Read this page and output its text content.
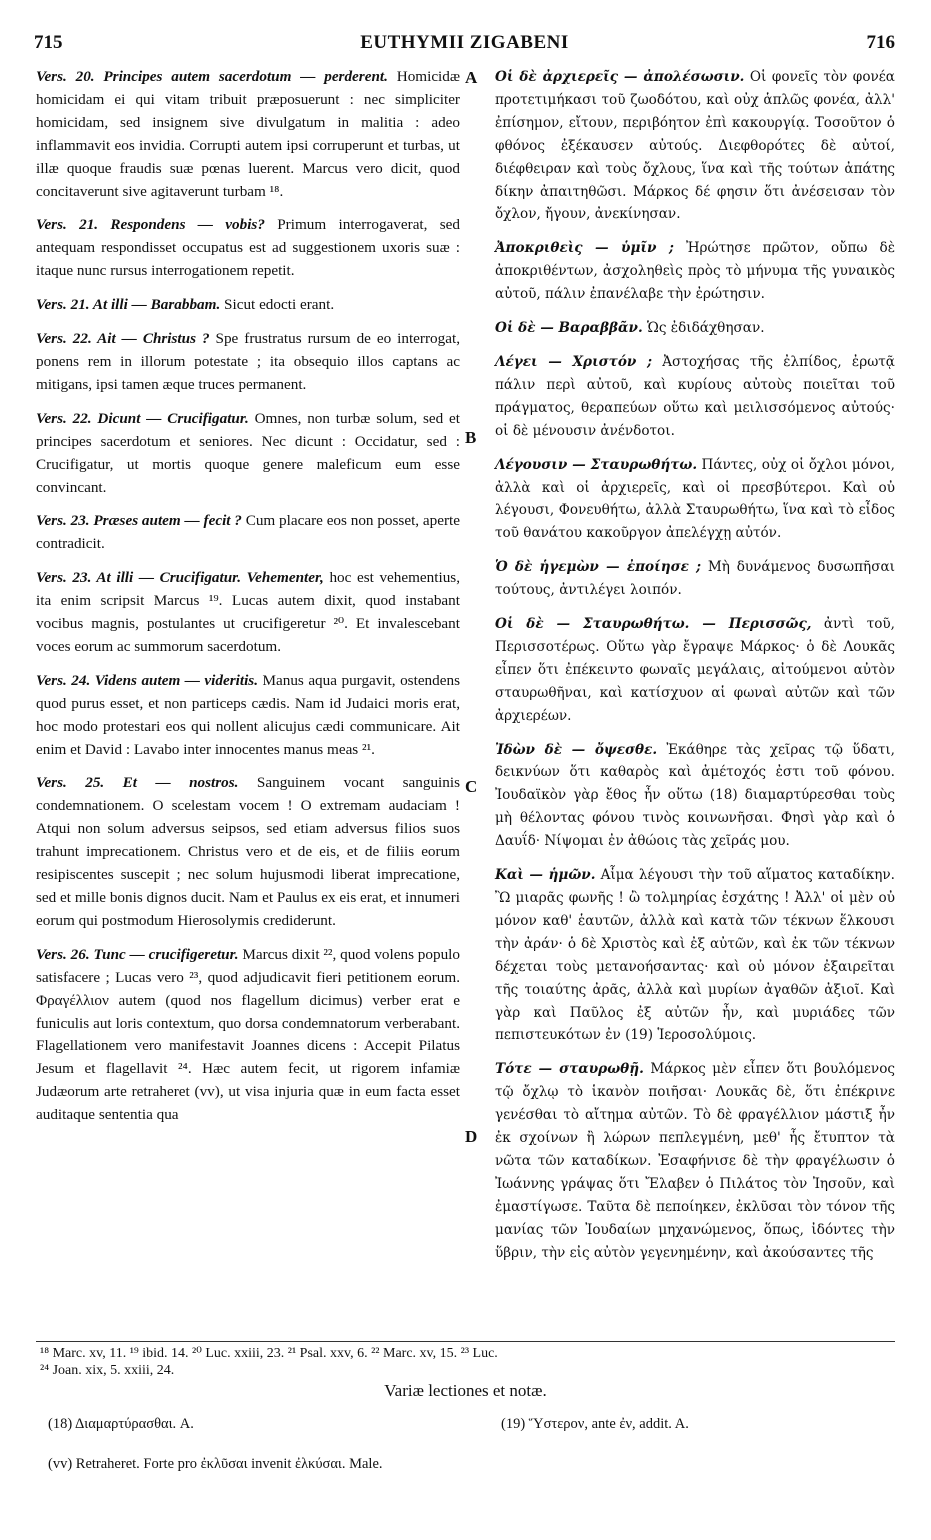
715	EUTHYMII ZIGABENI	716

Vers. 20. Principes autem sacerdotum — perderent. Homicidæ homicidam ei qui vitam tribuit præposuerunt : nec simpliciter homicidam, sed insignem sive divulgatum in malitia : adeo inflammavit eos invidia. Corrupti autem ipsi corruperunt et turbas, ut illæ quoque fraudis suæ pœnas luerent. Marcus vero dicit, quod concitaverunt sive agitaverunt turbam ¹⁸.

Vers. 21. Respondens — vobis? Primum interrogaverat, sed antequam respondisset occupatus est ad suggestionem uxoris suæ : itaque nunc rursus interrogationem repetit.

Vers. 21. At illi — Barabbam. Sicut edocti erant.

Vers. 22. Ait — Christus ? Spe frustratus rursum de eo interrogat, ponens rem in illorum potestate ; ita obsequio illos captans ac mitigans, ipsi tamen æque truces permanent.

Vers. 22. Dicunt — Crucifigatur. Omnes, non turbæ solum, sed et principes sacerdotum et seniores. Nec dicunt : Occidatur, sed : Crucifigatur, ut mortis quoque genere maleficum eum esse convincant.

Vers. 23. Præses autem — fecit ? Cum placare eos non posset, aperte contradicit.

Vers. 23. At illi — Crucifigatur. Vehementer, hoc est vehementius, ita enim scripsit Marcus ¹⁹. Lucas autem dixit, quod instabant vocibus magnis, postulantes ut crucifigeretur ²⁰. Et invalescebant voces eorum ac summorum sacerdotum.

Vers. 24. Videns autem — videritis. Manus aqua purgavit, ostendens quod purus esset, et non particeps cædis. Nam id Judaici moris erat, hoc modo protestari eos qui nollent alicujus cædi communicare. Ait enim et David : Lavabo inter innocentes manus meas ²¹.

Vers. 25. Et — nostros. Sanguinem vocant sanguinis condemnationem. O scelestam vocem ! O extremam audaciam ! Atqui non solum adversus seipsos, sed etiam adversus filios suos trahunt imprecationem. Christus vero et de eis, et de filiis eorum resipiscentes suscepit ; nec solum hujusmodi liberat imprecatione, sed et mille bonis dignos ducit. Nam et Paulus ex eis erat, et innumeri eorum qui postmodum Hierosolymis crediderunt.

Vers. 26. Tunc — crucifigeretur. Marcus dixit ²², quod volens populo satisfacere ; Lucas vero ²³, quod adjudicavit fieri petitionem eorum. Φραγέλλιον autem (quod nos flagellum dicimus) verber erat e funiculis aut loris contextum, quo dorsa condemnatorum verberabant. Flagellationem vero manifestavit Joannes dicens : Accepit Pilatus Jesum et flagellavit ²⁴. Hæc autem fecit, ut rigorem infamiæ Judæorum arte retraheret (vv), ut visa injuria quæ in eum facta esset auditaque sententia qua

A
B
C
D

Οἱ δὲ ἀρχιερεῖς — ἀπολέσωσιν. Οἱ φονεῖς τὸν φονέα προτετιμήκασι τοῦ ζωοδότου, καὶ οὐχ ἁπλῶς φονέα, ἀλλ' ἐπίσημον, εἴτουν, περιβόητον ἐπὶ κακουργίᾳ. Τοσοῦτον ὁ φθόνος ἐξέκαυσεν αὐτούς. Διεφθορότες δὲ αὐτοί, διέφθειραν καὶ τοὺς ὄχλους, ἵνα καὶ τῆς τούτων ἀπάτης δίκην ἀπαιτηθῶσι. Μάρκος δέ φησιν ὅτι ἀνέσεισαν τὸν ὄχλον, ἤγουν, ἀνεκίνησαν.

Ἀποκριθεὶς — ὑμῖν ; Ἠρώτησε πρῶτον, οὔπω δὲ ἀποκριθέντων, ἀσχοληθεὶς πρὸς τὸ μήνυμα τῆς γυναικὸς αὐτοῦ, πάλιν ἐπανέλαβε τὴν ἐρώτησιν.

Οἱ δὲ — Βαραββᾶν. Ὡς ἐδιδάχθησαν.

Λέγει — Χριστόν ; Ἀστοχήσας τῆς ἐλπίδος, ἐρωτᾷ πάλιν περὶ αὐτοῦ, καὶ κυρίους αὐτοὺς ποιεῖται τοῦ πράγματος, θεραπεύων οὕτω καὶ μειλισσόμενος αὐτούς· οἱ δὲ μένουσιν ἀνένδοτοι.

Λέγουσιν — Σταυρωθήτω. Πάντες, οὐχ οἱ ὄχλοι μόνοι, ἀλλὰ καὶ οἱ ἀρχιερεῖς, καὶ οἱ πρεσβύτεροι. Καὶ οὐ λέγουσι, Φονευθήτω, ἀλλὰ Σταυρωθήτω, ἵνα καὶ τὸ εἶδος τοῦ θανάτου κακοῦργον ἀπελέγχῃ αὐτόν.

Ὁ δὲ ἡγεμὼν — ἐποίησε ; Μὴ δυνάμενος δυσωπῆσαι τούτους, ἀντιλέγει λοιπόν.

Οἱ δὲ — Σταυρωθήτω. — Περισσῶς, ἀντὶ τοῦ, Περισσοτέρως. Οὕτω γὰρ ἔγραψε Μάρκος· ὁ δὲ Λουκᾶς εἶπεν ὅτι ἐπέκειντο φωναῖς μεγάλαις, αἰτούμενοι αὐτὸν σταυρωθῆναι, καὶ κατίσχυον αἱ φωναὶ αὐτῶν καὶ τῶν ἀρχιερέων.

Ἰδὼν δὲ — ὄψεσθε. Ἐκάθηρε τὰς χεῖρας τῷ ὕδατι, δεικνύων ὅτι καθαρὸς καὶ ἀμέτοχός ἐστι τοῦ φόνου. Ἰουδαϊκὸν γὰρ ἔθος ἦν οὕτω (18) διαμαρτύρεσθαι τοὺς μὴ θέλοντας φόνου τινὸς κοινωνῆσαι. Φησὶ γὰρ καὶ ὁ Δαυΐδ· Νίψομαι ἐν ἀθώοις τὰς χεῖράς μου.

Καὶ — ἡμῶν. Αἷμα λέγουσι τὴν τοῦ αἵματος καταδίκην. Ὢ μιαρᾶς φωνῆς ! ὢ τολμηρίας ἐσχάτης ! Ἀλλ' οἱ μὲν οὐ μόνον καθ' ἑαυτῶν, ἀλλὰ καὶ κατὰ τῶν τέκνων ἕλκουσι τὴν ἀράν· ὁ δὲ Χριστὸς καὶ ἐξ αὐτῶν, καὶ ἐκ τῶν τέκνων δέχεται τοὺς μετανοήσαντας· καὶ οὐ μόνον ἐξαιρεῖται τῆς τοιαύτης ἀρᾶς, ἀλλὰ καὶ μυρίων ἀγαθῶν ἀξιοῖ. Καὶ γὰρ καὶ Παῦλος ἐξ αὐτῶν ἦν, καὶ μυριάδες τῶν πεπιστευκότων ἐν (19) Ἱεροσολύμοις.

Τότε — σταυρωθῇ. Μάρκος μὲν εἶπεν ὅτι βουλόμενος τῷ ὄχλῳ τὸ ἱκανὸν ποιῆσαι· Λουκᾶς δὲ, ὅτι ἐπέκρινε γενέσθαι τὸ αἴτημα αὐτῶν. Τὸ δὲ φραγέλλιον μάστιξ ἦν ἐκ σχοίνων ἢ λώρων πεπλεγμένη, μεθ' ἧς ἔτυπτον τὰ νῶτα τῶν καταδίκων. Ἐσαφήνισε δὲ τὴν φραγέλωσιν ὁ Ἰωάννης γράψας ὅτι Ἔλαβεν ὁ Πιλάτος τὸν Ἰησοῦν, καὶ ἐμαστίγωσε. Ταῦτα δὲ πεποίηκεν, ἐκλῦσαι τὸν τόνον τῆς μανίας τῶν Ἰουδαίων μηχανώμενος, ὅπως, ἰδόντες τὴν ὕβριν, τὴν εἰς αὐτὸν γεγενημένην, καὶ ἀκούσαντες τῆς

¹⁸ Marc. xv, 11. ¹⁹ ibid. 14. ²⁰ Luc. xxiii, 23. ²¹ Psal. xxv, 6. ²² Marc. xv, 15. ²³ Luc.
²⁴ Joan. xix, 5. xxiii, 24.
Variæ lectiones et notæ.
(18) Διαμαρτύρασθαι. A.	(19) Ὕστερον, ante ἐν, addit. A.
(vv) Retraheret. Forte pro ἐκλῦσαι invenit ἐλκύσαι. Male.
